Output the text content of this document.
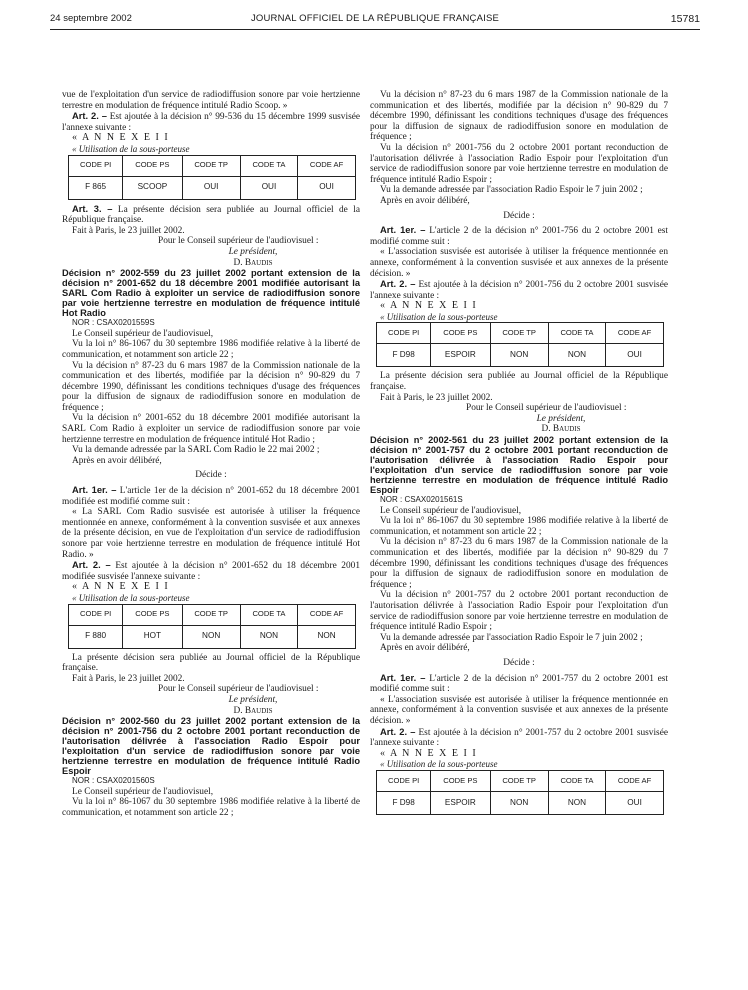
24 septembre 2002	JOURNAL OFFICIEL DE LA RÉPUBLIQUE FRANÇAISE	15781

vue de l'exploitation d'un service de radiodiffusion sonore par voie hertzienne terrestre en modulation de fréquence intitulé Radio Scoop. »

Art. 2. – Est ajoutée à la décision n° 99-536 du 15 décembre 1999 susvisée l'annexe suivante :

« A N N E X E I I

« Utilisation de la sous-porteuse

CODE PI	CODE PS	CODE TP	CODE TA	CODE AF
F 865	SCOOP	OUI	OUI	OUI

Art. 3. – La présente décision sera publiée au Journal officiel de la République française.

Fait à Paris, le 23 juillet 2002.

Pour le Conseil supérieur de l'audiovisuel :

Le président,

D. Baudis

Décision n° 2002-559 du 23 juillet 2002 portant extension de la décision n° 2001-652 du 18 décembre 2001 modifiée autorisant la SARL Com Radio à exploiter un service de radiodiffusion sonore par voie hertzienne terrestre en modulation de fréquence intitulé Hot Radio

NOR : CSAX0201559S

Le Conseil supérieur de l'audiovisuel,

Vu la loi n° 86-1067 du 30 septembre 1986 modifiée relative à la liberté de communication, et notamment son article 22 ;

Vu la décision n° 87-23 du 6 mars 1987 de la Commission nationale de la communication et des libertés, modifiée par la décision n° 90-829 du 7 décembre 1990, définissant les conditions techniques d'usage des fréquences pour la diffusion de signaux de radiodiffusion sonore en modulation de fréquence ;

Vu la décision n° 2001-652 du 18 décembre 2001 modifiée autorisant la SARL Com Radio à exploiter un service de radiodiffusion sonore par voie hertzienne terrestre en modulation de fréquence intitulé Hot Radio ;

Vu la demande adressée par la SARL Com Radio le 22 mai 2002 ;

Après en avoir délibéré,

Décide :

Art. 1er. – L'article 1er de la décision n° 2001-652 du 18 décembre 2001 modifiée est modifié comme suit :

« La SARL Com Radio susvisée est autorisée à utiliser la fréquence mentionnée en annexe, conformément à la convention susvisée et aux annexes de la présente décision, en vue de l'exploitation d'un service de radiodiffusion sonore par voie hertzienne terrestre en modulation de fréquence intitulé Hot Radio. »

Art. 2. – Est ajoutée à la décision n° 2001-652 du 18 décembre 2001 modifiée susvisée l'annexe suivante :

« A N N E X E I I

« Utilisation de la sous-porteuse

CODE PI	CODE PS	CODE TP	CODE TA	CODE AF
F 880	HOT	NON	NON	NON

La présente décision sera publiée au Journal officiel de la République française.

Fait à Paris, le 23 juillet 2002.

Pour le Conseil supérieur de l'audiovisuel :

Le président,

D. Baudis

Décision n° 2002-560 du 23 juillet 2002 portant extension de la décision n° 2001-756 du 2 octobre 2001 portant reconduction de l'autorisation délivrée à l'association Radio Espoir pour l'exploitation d'un service de radiodiffusion sonore par voie hertzienne terrestre en modulation de fréquence intitulé Radio Espoir

NOR : CSAX0201560S

Le Conseil supérieur de l'audiovisuel,

Vu la loi n° 86-1067 du 30 septembre 1986 modifiée relative à la liberté de communication, et notamment son article 22 ;

Vu la décision n° 87-23 du 6 mars 1987 de la Commission nationale de la communication et des libertés, modifiée par la décision n° 90-829 du 7 décembre 1990, définissant les conditions techniques d'usage des fréquences pour la diffusion de signaux de radiodiffusion sonore en modulation de fréquence ;

Vu la décision n° 2001-756 du 2 octobre 2001 portant reconduction de l'autorisation délivrée à l'association Radio Espoir pour l'exploitation d'un service de radiodiffusion sonore par voie hertzienne terrestre en modulation de fréquence intitulé Radio Espoir ;

Vu la demande adressée par l'association Radio Espoir le 7 juin 2002 ;

Après en avoir délibéré,

Décide :

Art. 1er. – L'article 2 de la décision n° 2001-756 du 2 octobre 2001 est modifié comme suit :

« L'association susvisée est autorisée à utiliser la fréquence mentionnée en annexe, conformément à la convention susvisée et aux annexes de la présente décision. »

Art. 2. – Est ajoutée à la décision n° 2001-756 du 2 octobre 2001 susvisée l'annexe suivante :

« A N N E X E I I

« Utilisation de la sous-porteuse

CODE PI	CODE PS	CODE TP	CODE TA	CODE AF
F D98	ESPOIR	NON	NON	OUI

La présente décision sera publiée au Journal officiel de la République française.

Fait à Paris, le 23 juillet 2002.

Pour le Conseil supérieur de l'audiovisuel :

Le président,

D. Baudis

Décision n° 2002-561 du 23 juillet 2002 portant extension de la décision n° 2001-757 du 2 octobre 2001 portant reconduction de l'autorisation délivrée à l'association Radio Espoir pour l'exploitation d'un service de radiodiffusion sonore par voie hertzienne terrestre en modulation de fréquence intitulé Radio Espoir

NOR : CSAX0201561S

Le Conseil supérieur de l'audiovisuel,

Vu la loi n° 86-1067 du 30 septembre 1986 modifiée relative à la liberté de communication, et notamment son article 22 ;

Vu la décision n° 87-23 du 6 mars 1987 de la Commission nationale de la communication et des libertés, modifiée par la décision n° 90-829 du 7 décembre 1990, définissant les conditions techniques d'usage des fréquences pour la diffusion de signaux de radiodiffusion sonore en modulation de fréquence ;

Vu la décision n° 2001-757 du 2 octobre 2001 portant reconduction de l'autorisation délivrée à l'association Radio Espoir pour l'exploitation d'un service de radiodiffusion sonore par voie hertzienne terrestre en modulation de fréquence intitulé Radio Espoir ;

Vu la demande adressée par l'association Radio Espoir le 7 juin 2002 ;

Après en avoir délibéré,

Décide :

Art. 1er. – L'article 2 de la décision n° 2001-757 du 2 octobre 2001 est modifié comme suit :

« L'association susvisée est autorisée à utiliser la fréquence mentionnée en annexe, conformément à la convention susvisée et aux annexes de la présente décision. »

Art. 2. – Est ajoutée à la décision n° 2001-757 du 2 octobre 2001 susvisée l'annexe suivante :

« A N N E X E I I

« Utilisation de la sous-porteuse

CODE PI	CODE PS	CODE TP	CODE TA	CODE AF
F D98	ESPOIR	NON	NON	OUI
